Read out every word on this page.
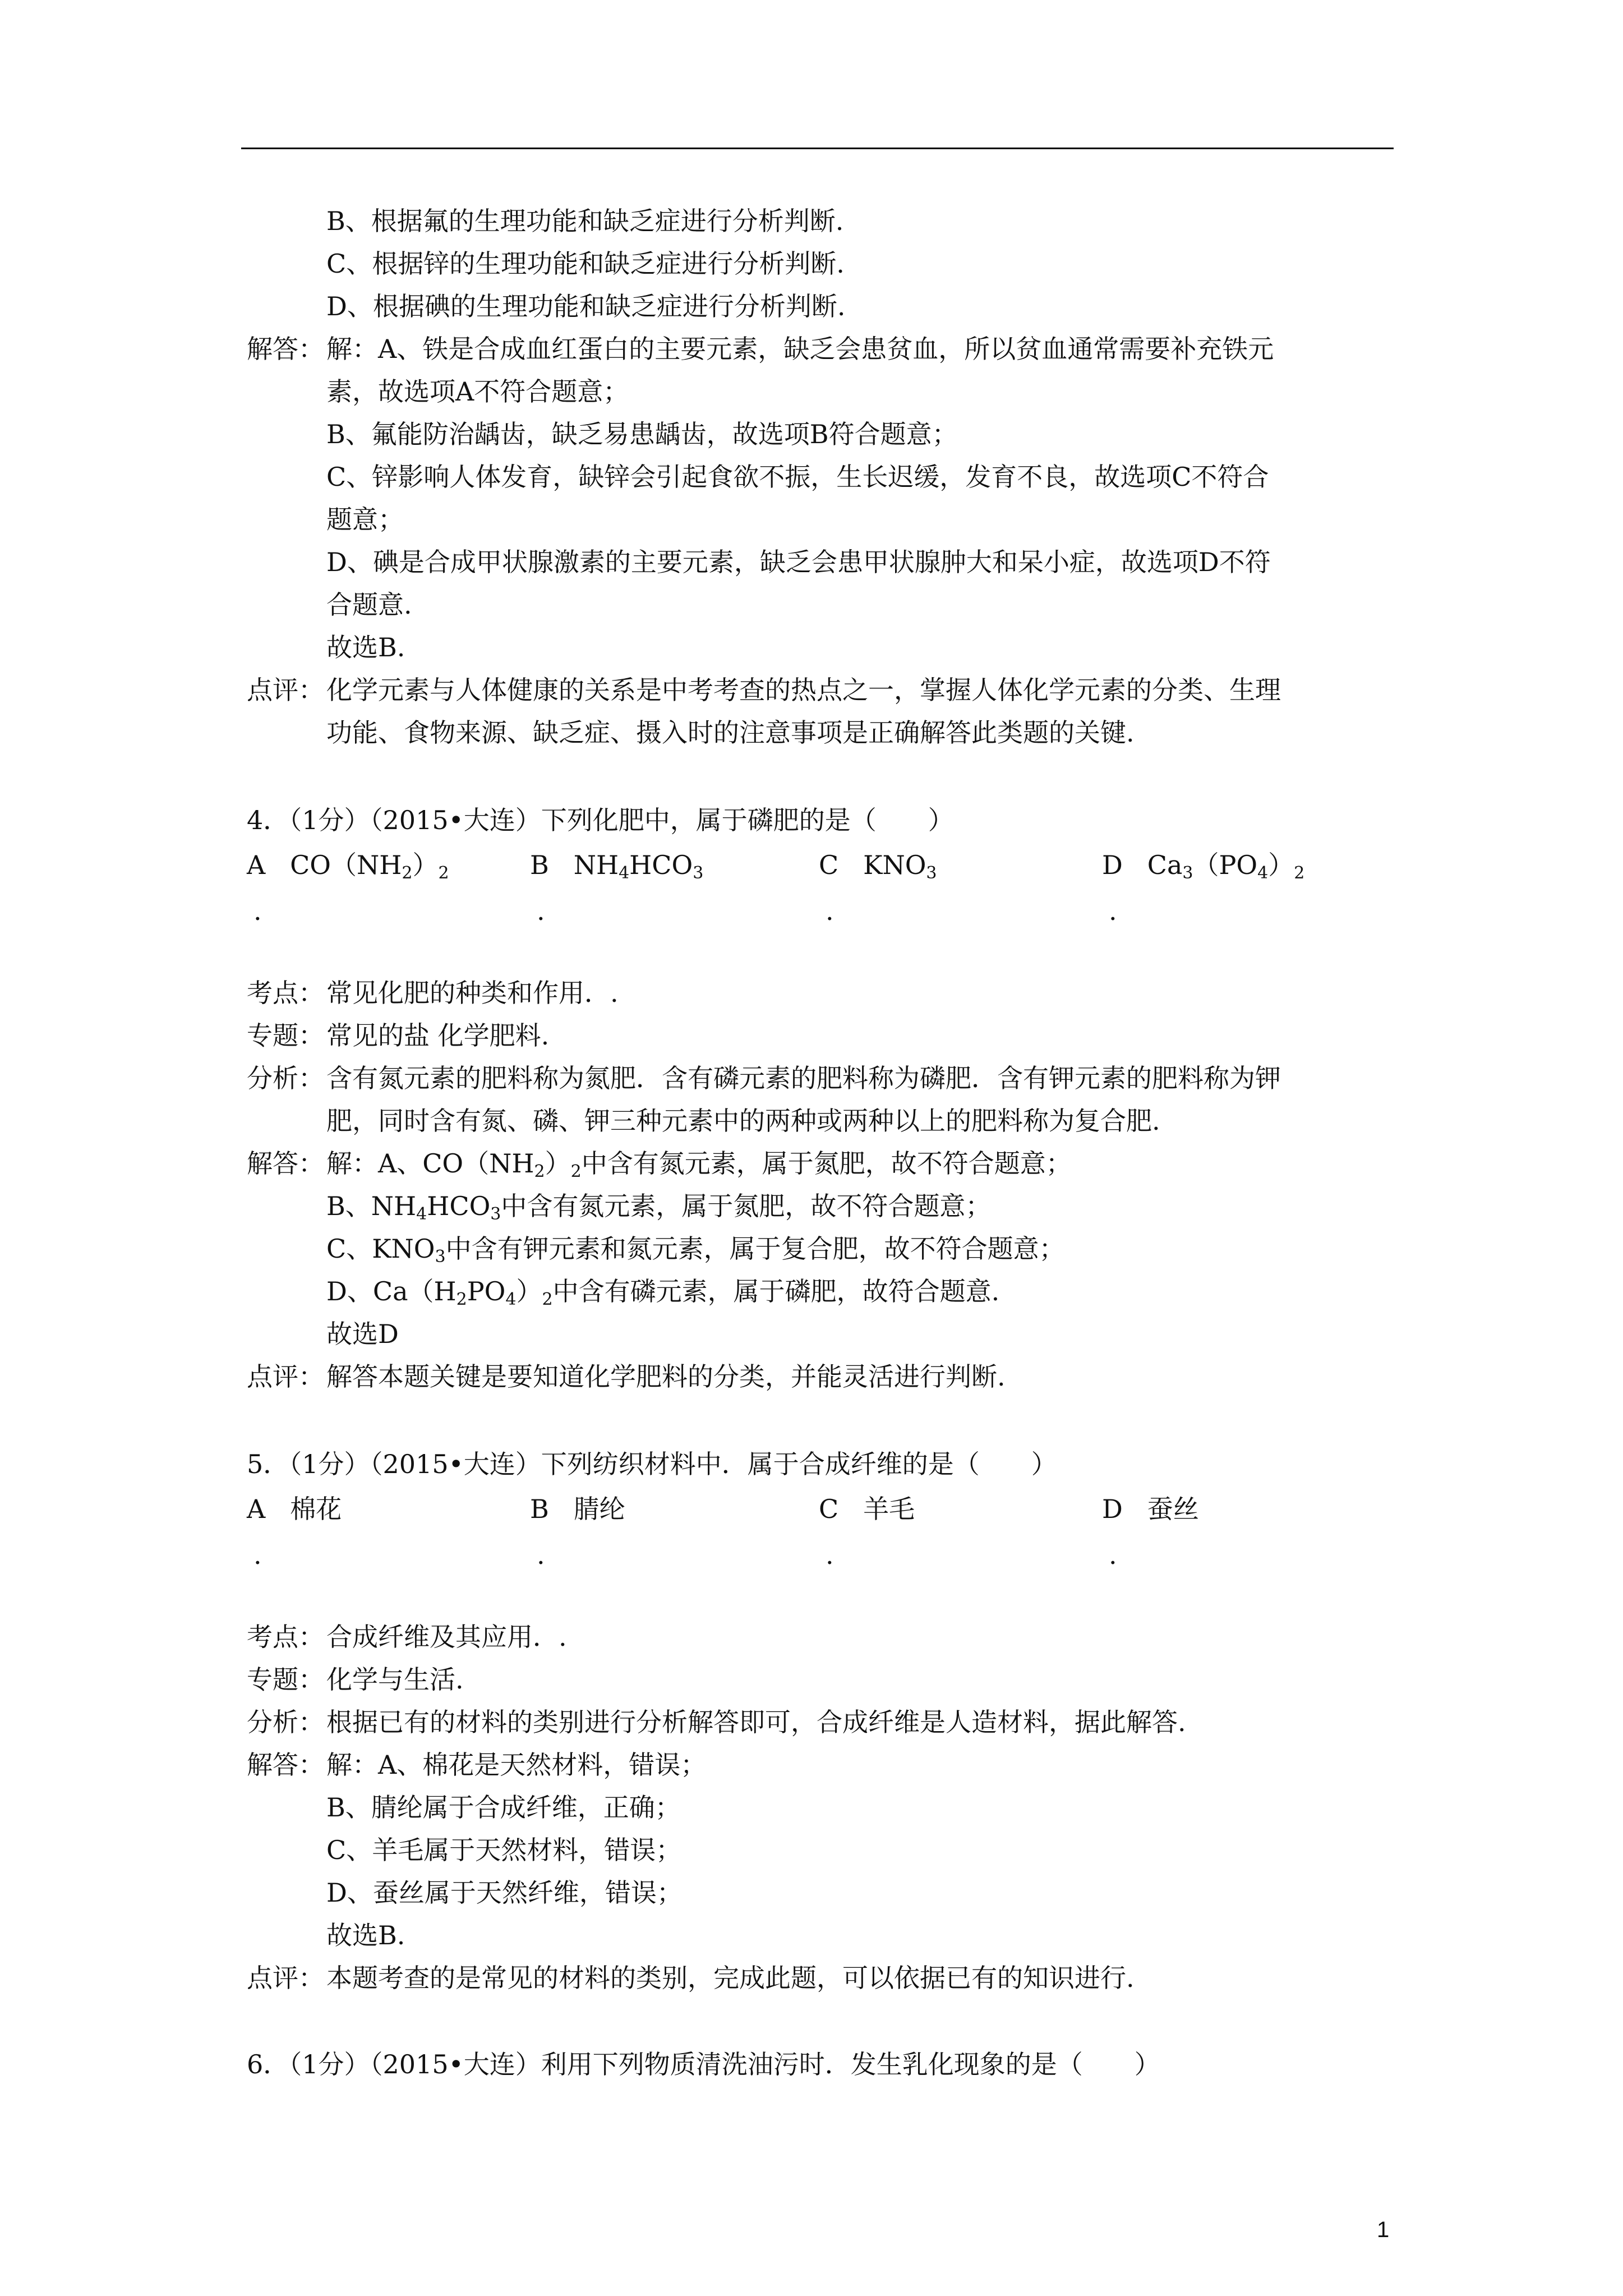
B、根据氟的生理功能和缺乏症进行分析判断.
C、根据锌的生理功能和缺乏症进行分析判断.
D、根据碘的生理功能和缺乏症进行分析判断.
解答： 解：A、铁是合成血红蛋白的主要元素，缺乏会患贫血，所以贫血通常需要补充铁元
素，故选项A不符合题意；
B、氟能防治龋齿，缺乏易患龋齿，故选项B符合题意；
C、锌影响人体发育，缺锌会引起食欲不振，生长迟缓，发育不良，故选项C不符合
题意；
D、碘是合成甲状腺激素的主要元素，缺乏会患甲状腺肿大和呆小症，故选项D不符
合题意.
故选B.
点评： 化学元素与人体健康的关系是中考考查的热点之一，掌握人体化学元素的分类、生理
功能、食物来源、缺乏症、摄入时的注意事项是正确解答此类题的关键.
4．（1分）（2015•大连）下列化肥中，属于磷肥的是（　　）
A $CO(NH_2)_2$	B $NH_4HCO_3$	C $KNO_3$	D $Ca_3(PO_4)_2$
.	.	.	.
考点： 常见化肥的种类和作用．.
专题： 常见的盐 化学肥料.
分析： 含有氮元素的肥料称为氮肥．含有磷元素的肥料称为磷肥．含有钾元素的肥料称为钾
肥，同时含有氮、磷、钾三种元素中的两种或两种以上的肥料称为复合肥.
解答： 解：A、$CO(NH_2)_2$中含有氮元素，属于氮肥，故不符合题意；
B、$NH_4HCO_3$中含有氮元素，属于氮肥，故不符合题意；
C、$KNO_3$中含有钾元素和氮元素，属于复合肥，故不符合题意；
D、$Ca(H_2PO_4)_2$中含有磷元素，属于磷肥，故符合题意.
故选D
点评： 解答本题关键是要知道化学肥料的分类，并能灵活进行判断.
5．（1分）（2015•大连）下列纺织材料中．属于合成纤维的是（　　）
A 棉花	B 腈纶	C 羊毛	D 蚕丝
.	.	.	.
考点： 合成纤维及其应用．.
专题： 化学与生活.
分析： 根据已有的材料的类别进行分析解答即可，合成纤维是人造材料，据此解答.
解答： 解：A、棉花是天然材料，错误；
B、腈纶属于合成纤维，正确；
C、羊毛属于天然材料，错误；
D、蚕丝属于天然纤维，错误；
故选B.
点评： 本题考查的是常见的材料的类别，完成此题，可以依据已有的知识进行.
6．（1分）（2015•大连）利用下列物质清洗油污时．发生乳化现象的是（　　）
1
